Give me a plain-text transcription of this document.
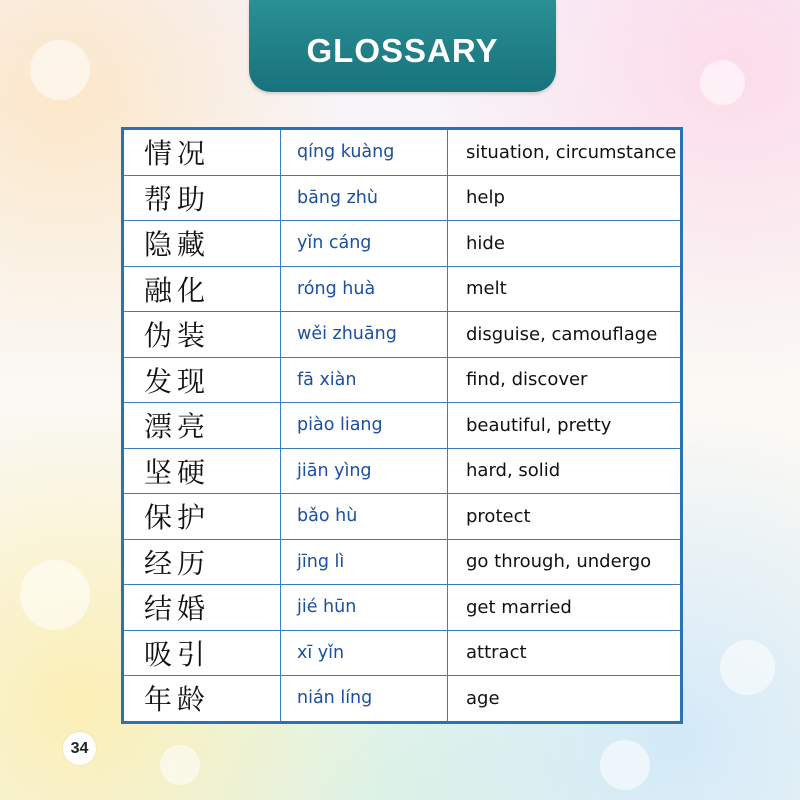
GLOSSARY
情况	qíng kuàng	situation, circumstance
帮助	bāng zhù	help
隐藏	yǐn cáng	hide
融化	róng huà	melt
伪装	wěi zhuāng	disguise, camouflage
发现	fā xiàn	find, discover
漂亮	piào liang	beautiful, pretty
坚硬	jiān yìng	hard, solid
保护	bǎo hù	protect
经历	jīng lì	go through, undergo
结婚	jié hūn	get married
吸引	xī yǐn	attract
年龄	nián líng	age
34
